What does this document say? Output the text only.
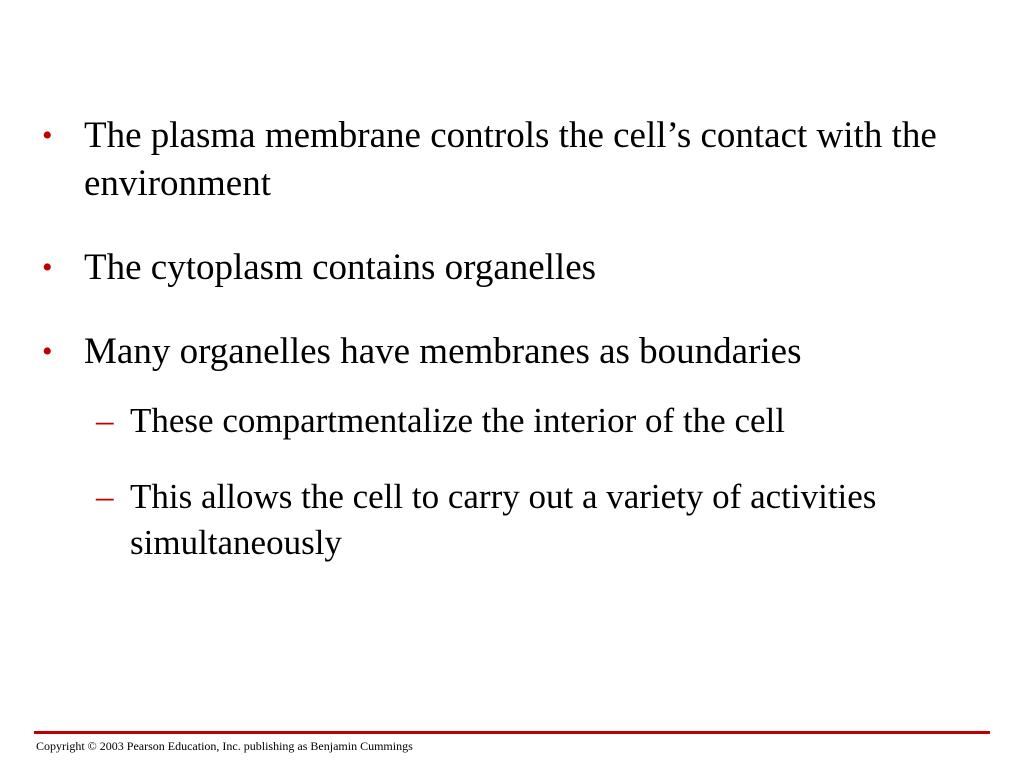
• The plasma membrane controls the cell’s contact with the environment
• The cytoplasm contains organelles
• Many organelles have membranes as boundaries
– These compartmentalize the interior of the cell
– This allows the cell to carry out a variety of activities simultaneously
Copyright © 2003 Pearson Education, Inc. publishing as Benjamin Cummings
